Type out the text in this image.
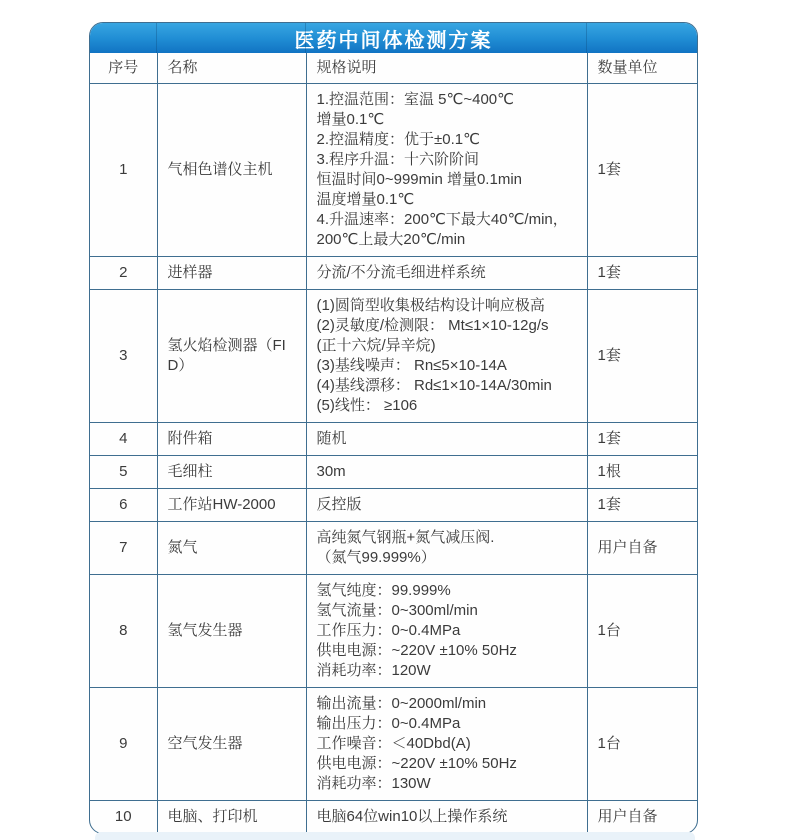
医药中间体检测方案
序号	名称	规格说明	数量单位
1	气相色谱仪主机	
1.控温范围：室温 5℃~400℃
增量0.1℃
2.控温精度：优于±0.1℃
3.程序升温：十六阶阶间
恒温时间0~999min 增量0.1min
温度增量0.1℃
4.升温速率：200℃下最大40℃/min，
200℃上最大20℃/min
	1套
2	进样器	分流/不分流毛细进样系统	1套
3	氢火焰检测器（FID）	
(1)圆筒型收集极结构设计响应极高
(2)灵敏度/检测限： Mt≤1×10-12g/s
(正十六烷/异辛烷)
(3)基线噪声： Rn≤5×10-14A
(4)基线漂移： Rd≤1×10-14A/30min
(5)线性： ≥106
	1套
4	附件箱	随机	1套
5	毛细柱	30m	1根
6	工作站HW-2000	反控版	1套
7	氮气	高纯氮气钢瓶+氮气减压阀.
（氮气99.999%）	用户自备
8	氢气发生器	氢气纯度：99.999%
氢气流量：0~300ml/min
工作压力：0~0.4MPa
供电电源：~220V ±10% 50Hz
消耗功率：120W	1台
9	空气发生器	输出流量：0~2000ml/min
输出压力：0~0.4MPa
工作噪音：＜40Dbd(A)
供电电源：~220V ±10% 50Hz
消耗功率：130W	1台
10	电脑、打印机	电脑64位win10以上操作系统	用户自备
